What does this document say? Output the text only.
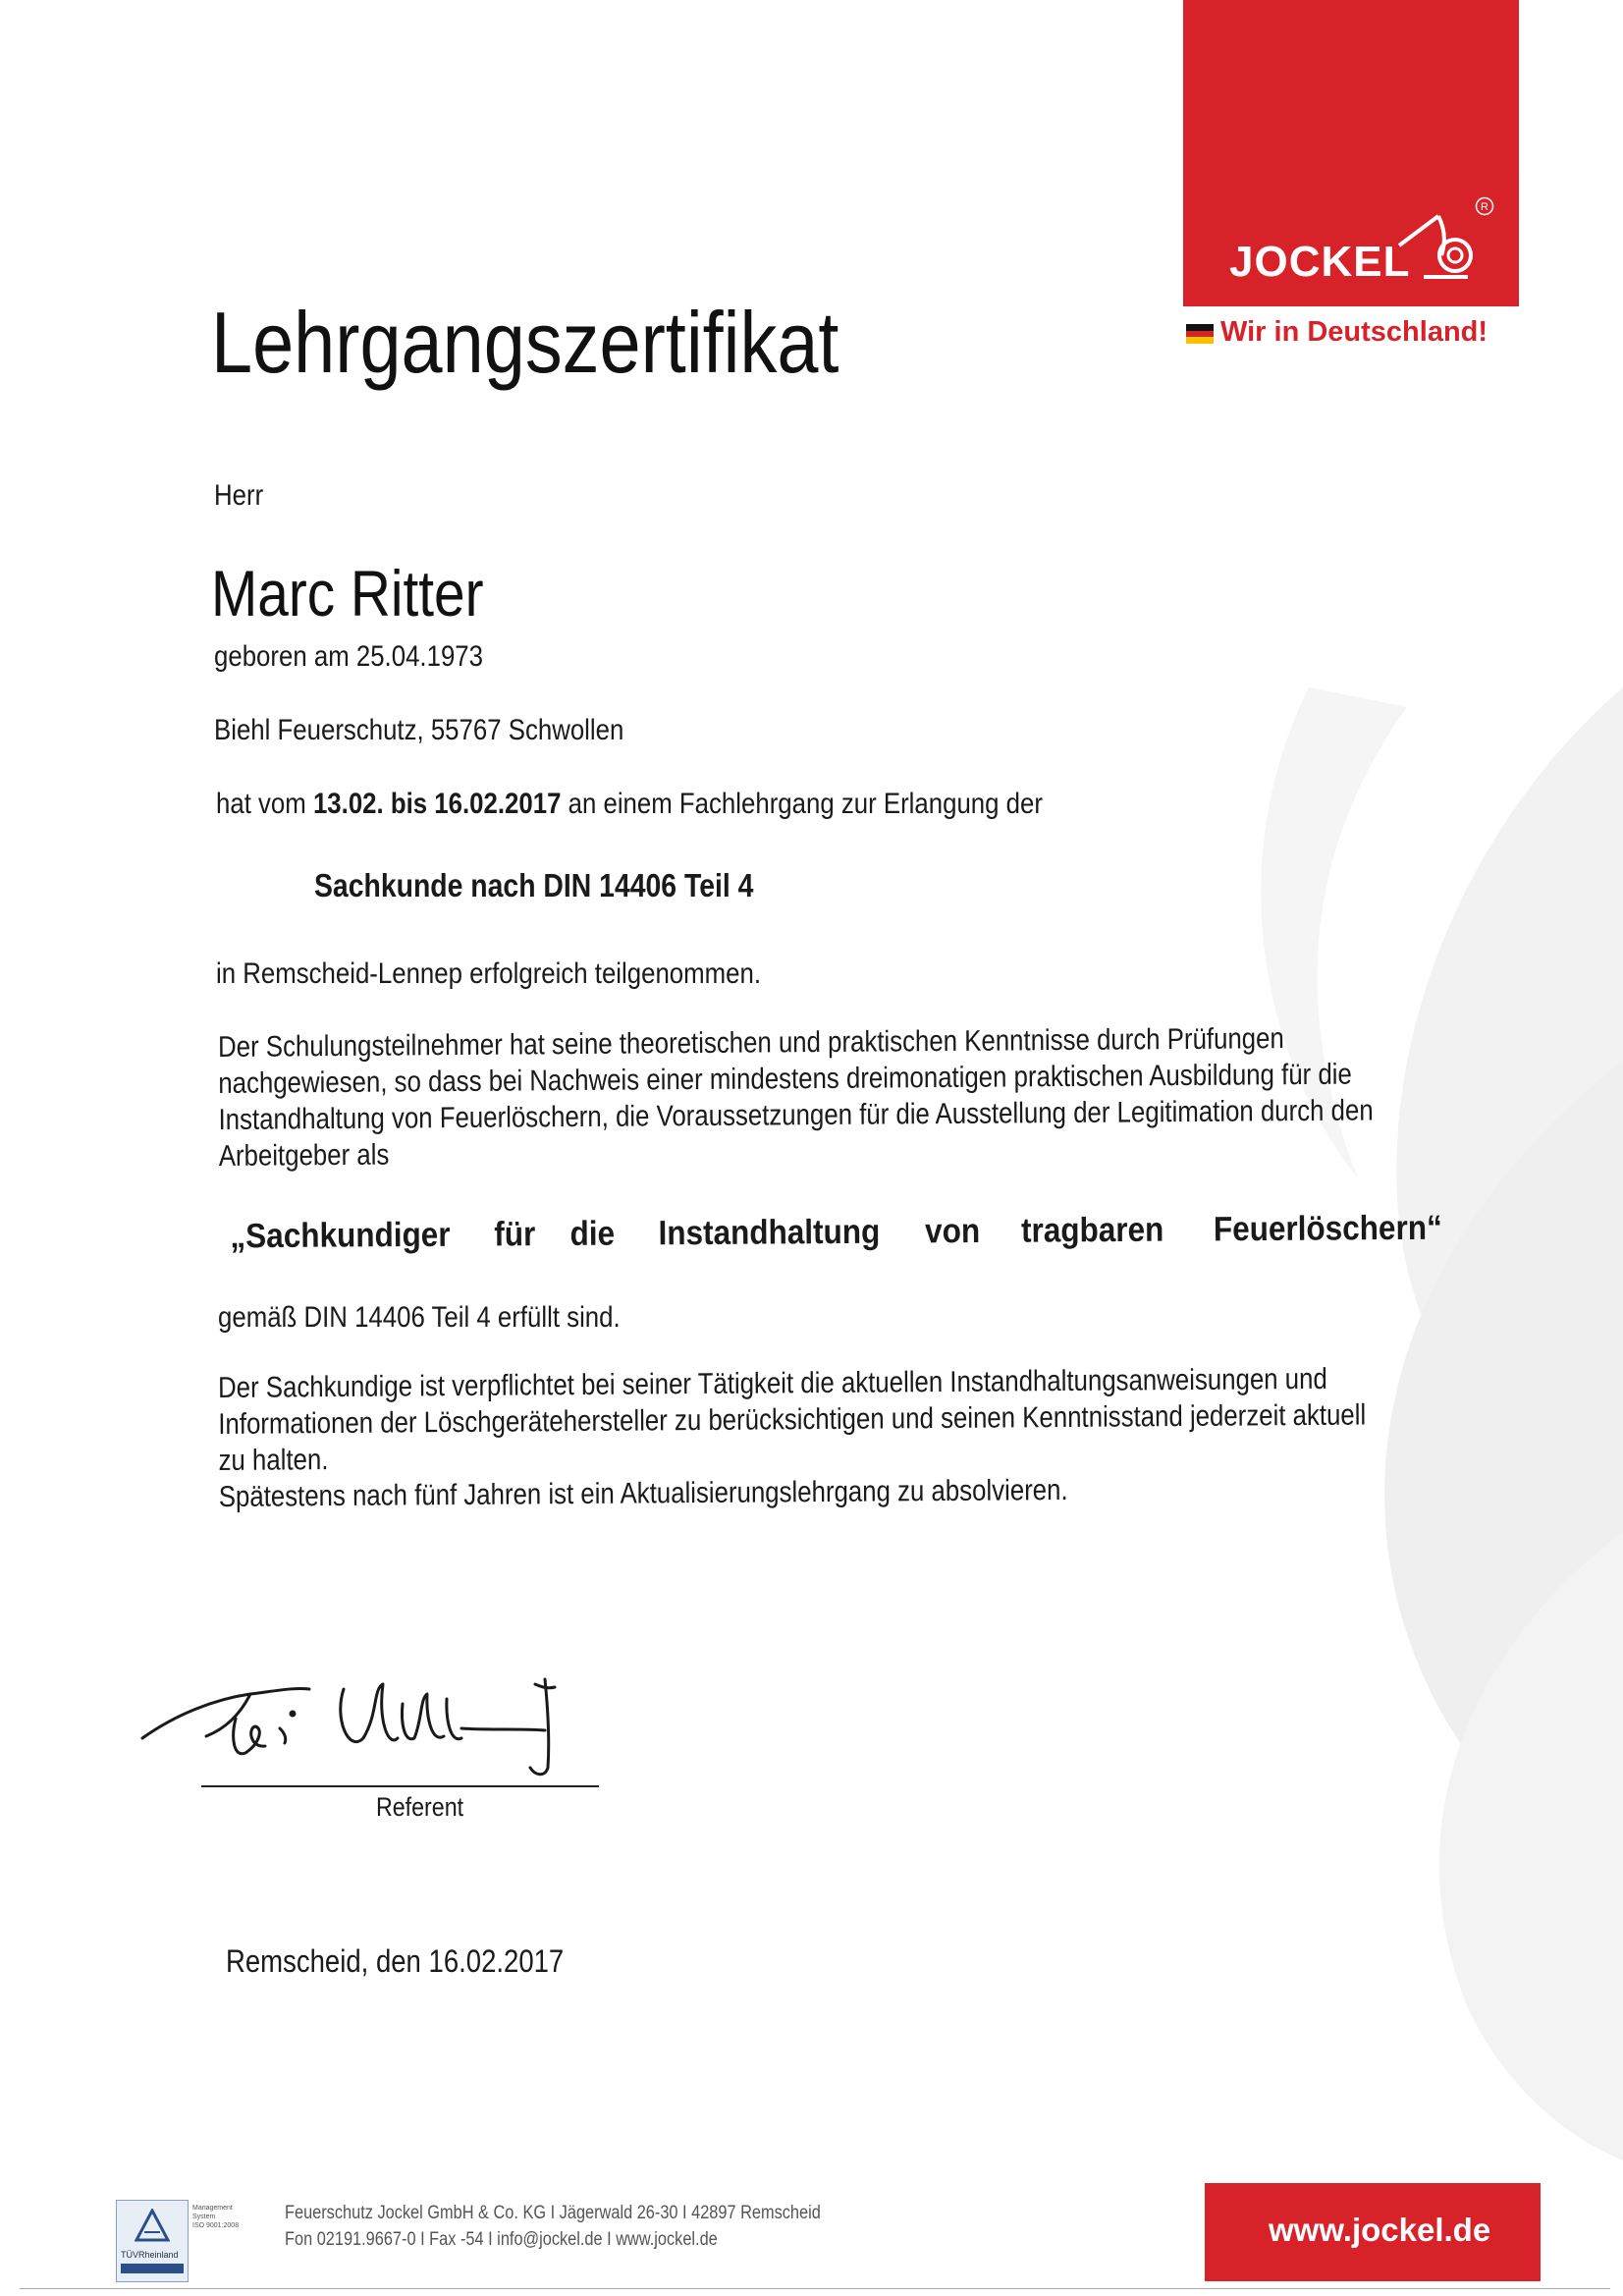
JOCKEL
R
Wir in Deutschland!
Lehrgangszertifikat
Herr
Marc Ritter
geboren am 25.04.1973
Biehl Feuerschutz, 55767 Schwollen
hat vom 13.02. bis 16.02.2017 an einem Fachlehrgang zur Erlangung der
Sachkunde nach DIN 14406 Teil 4
in Remscheid-Lennep erfolgreich teilgenommen.
Der Schulungsteilnehmer hat seine theoretischen und praktischen Kenntnisse durch Prüfungen
nachgewiesen, so dass bei Nachweis einer mindestens dreimonatigen praktischen Ausbildung für die
Instandhaltung von Feuerlöschern, die Voraussetzungen für die Ausstellung der Legitimation durch den
Arbeitgeber als
„Sachkundiger für die Instandhaltung von tragbaren Feuerlöschern“
gemäß DIN 14406 Teil 4 erfüllt sind.
Der Sachkundige ist verpflichtet bei seiner Tätigkeit die aktuellen Instandhaltungsanweisungen und
Informationen der Löschgerätehersteller zu berücksichtigen und seinen Kenntnisstand jederzeit aktuell
zu halten.
Spätestens nach fünf Jahren ist ein Aktualisierungslehrgang zu absolvieren.
Referent
Remscheid, den 16.02.2017
TÜVRheinland
Management
System
ISO 9001:2008
Feuerschutz Jockel GmbH & Co. KG I Jägerwald 26-30 I 42897 Remscheid
Fon 02191.9667-0 I Fax -54 I info@jockel.de I www.jockel.de	www.jockel.de
